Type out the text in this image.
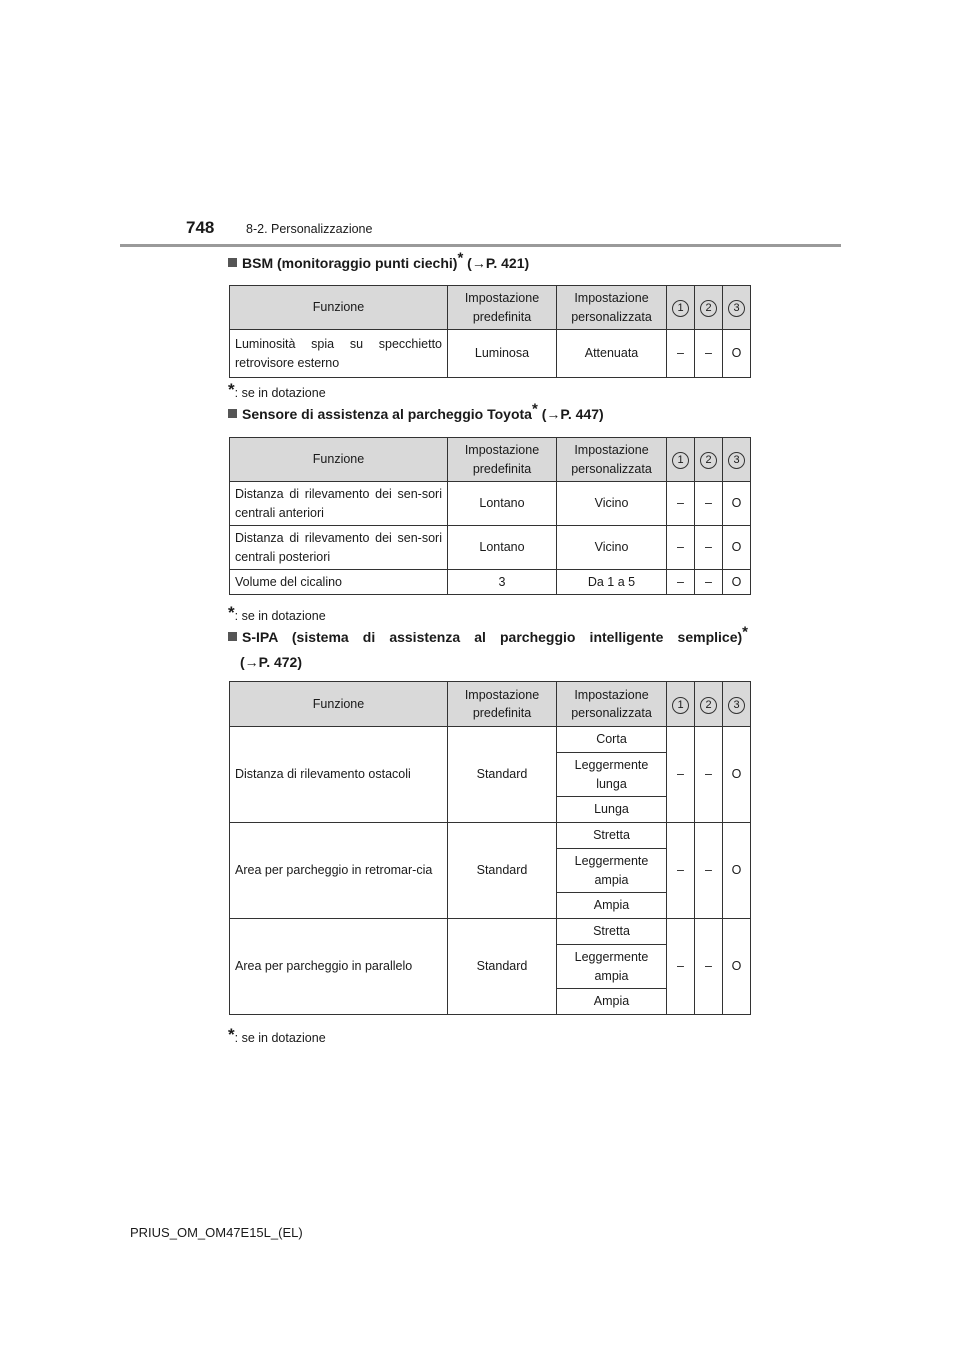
748	8-2. Personalizzazione
BSM (monitoraggio punti ciechi)* (→P. 421)
Funzione	Impostazione predefinita	Impostazione personalizzata	1	2	3
Luminosità spia su specchietto retrovisore esterno	Luminosa	Attenuata	–	–	O
*: se in dotazione
Sensore di assistenza al parcheggio Toyota* (→P. 447)
Funzione	Impostazione predefinita	Impostazione personalizzata	1	2	3
Distanza di rilevamento dei sen-sori centrali anteriori	Lontano	Vicino	–	–	O
Distanza di rilevamento dei sen-sori centrali posteriori	Lontano	Vicino	–	–	O
Volume del cicalino	3	Da 1 a 5	–	–	O
*: se in dotazione
S-IPA (sistema di assistenza al parcheggio intelligente semplice)*
(→P. 472)
Funzione	Impostazione predefinita	Impostazione personalizzata	1	2	3
Distanza di rilevamento ostacoli	Standard	Corta	–	–	O
		Leggermente lunga			
		Lunga			
Area per parcheggio in retromar-cia	Standard	Stretta	–	–	O
		Leggermente ampia			
		Ampia			
Area per parcheggio in parallelo	Standard	Stretta	–	–	O
		Leggermente ampia			
		Ampia			
*: se in dotazione
PRIUS_OM_OM47E15L_(EL)
